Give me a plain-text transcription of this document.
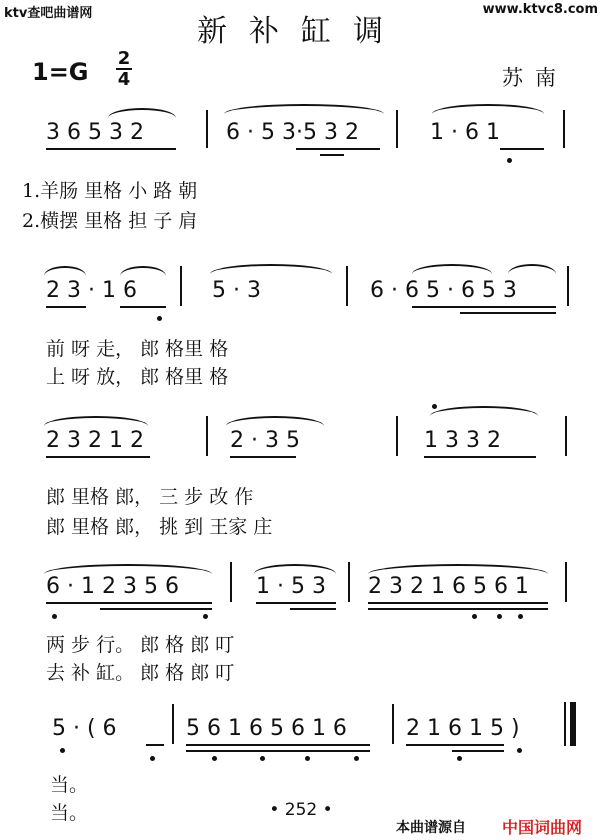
ktv查吧曲谱网	www.ktvc8.com
新补缸调
1=G 2
4	苏南
3 6 5 3 2	6 · 5 3·5 3 2	1 · 6 1
1.羊肠 里格 小 路 朝
2.横摆 里格 担 子 肩
2 3 · 1 6	5 · 3	6 · 6 5 · 6 5 3
前 呀 走， 郎 格里 格
上 呀 放， 郎 格里 格
2 3 2 1 2	2 · 3 5	1 3 3 2
郎 里格 郎， 三 步 改 作
郎 里格 郎， 挑 到 王家 庄
6 · 1 2 3 5 6	1 · 5 3 2 3 2 1 6 5 6 1
两 步 行。 郎 格 郎 叮
去 补 缸。 郎 格 郎 叮
5 · ( 6	5 6 1 6 5 6 1 6	2 1 6 1 5 )
当。
当。	• 252 •
本曲谱源自 中国词曲网
